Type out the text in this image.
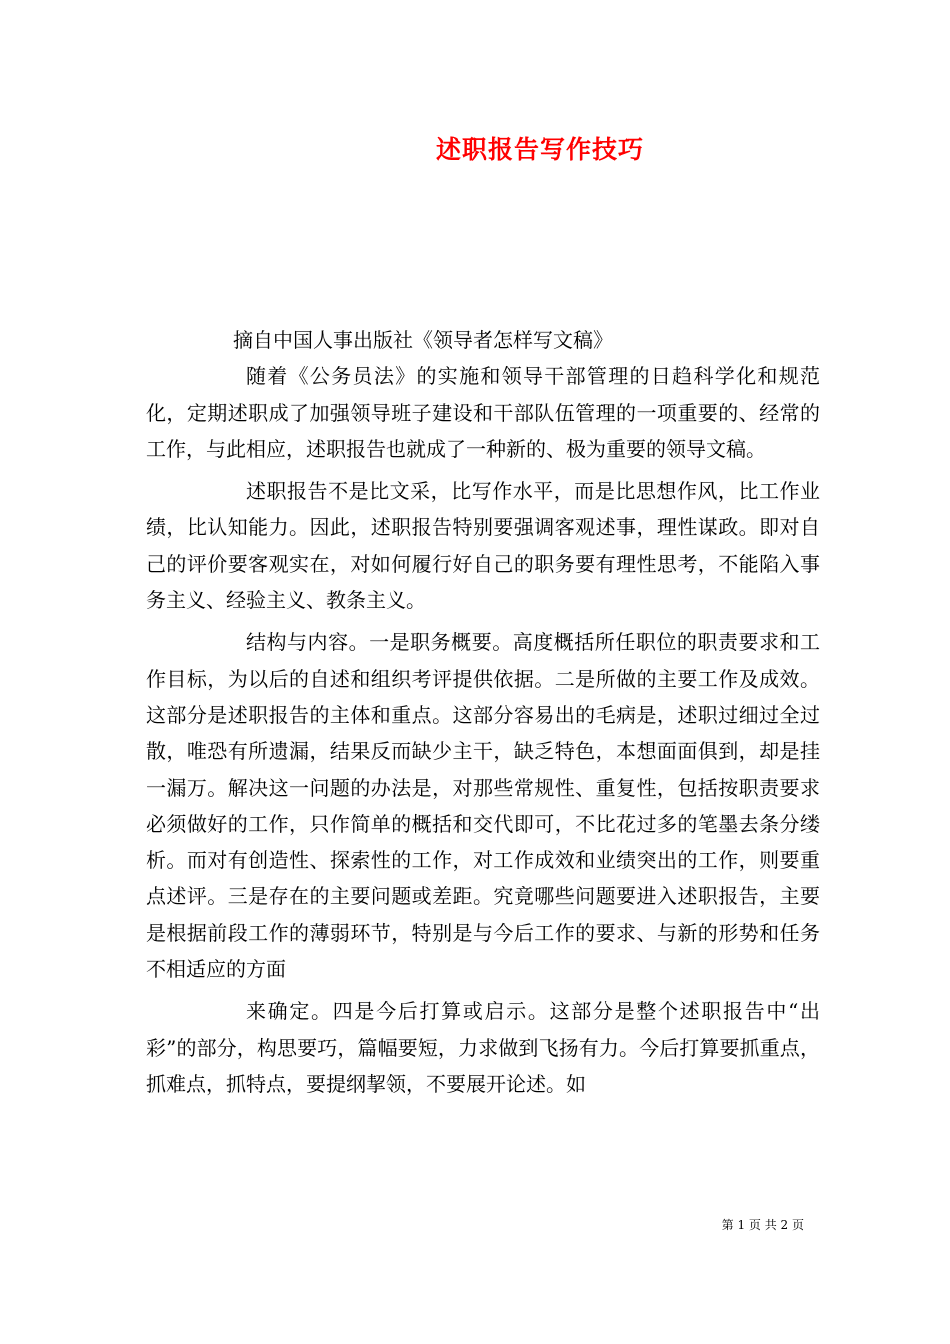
述职报告写作技巧

摘自中国人事出版社《领导者怎样写文稿》

随着《公务员法》的实施和领导干部管理的日趋科学化和规范化，定期述职成了加强领导班子建设和干部队伍管理的一项重要的、经常的工作，与此相应，述职报告也就成了一种新的、极为重要的领导文稿。

述职报告不是比文采，比写作水平，而是比思想作风，比工作业绩，比认知能力。因此，述职报告特别要强调客观述事，理性谋政。即对自己的评价要客观实在，对如何履行好自己的职务要有理性思考，不能陷入事务主义、经验主义、教条主义。

结构与内容。一是职务概要。高度概括所任职位的职责要求和工作目标，为以后的自述和组织考评提供依据。二是所做的主要工作及成效。这部分是述职报告的主体和重点。这部分容易出的毛病是，述职过细过全过散，唯恐有所遗漏，结果反而缺少主干，缺乏特色，本想面面俱到，却是挂一漏万。解决这一问题的办法是，对那些常规性、重复性，包括按职责要求必须做好的工作，只作简单的概括和交代即可，不比花过多的笔墨去条分缕析。而对有创造性、探索性的工作，对工作成效和业绩突出的工作，则要重点述评。三是存在的主要问题或差距。究竟哪些问题要进入述职报告，主要是根据前段工作的薄弱环节，特别是与今后工作的要求、与新的形势和任务不相适应的方面

来确定。四是今后打算或启示。这部分是整个述职报告中“出彩”的部分，构思要巧，篇幅要短，力求做到飞扬有力。今后打算要抓重点，抓难点，抓特点，要提纲挈领，不要展开论述。如

第 1 页 共 2 页
